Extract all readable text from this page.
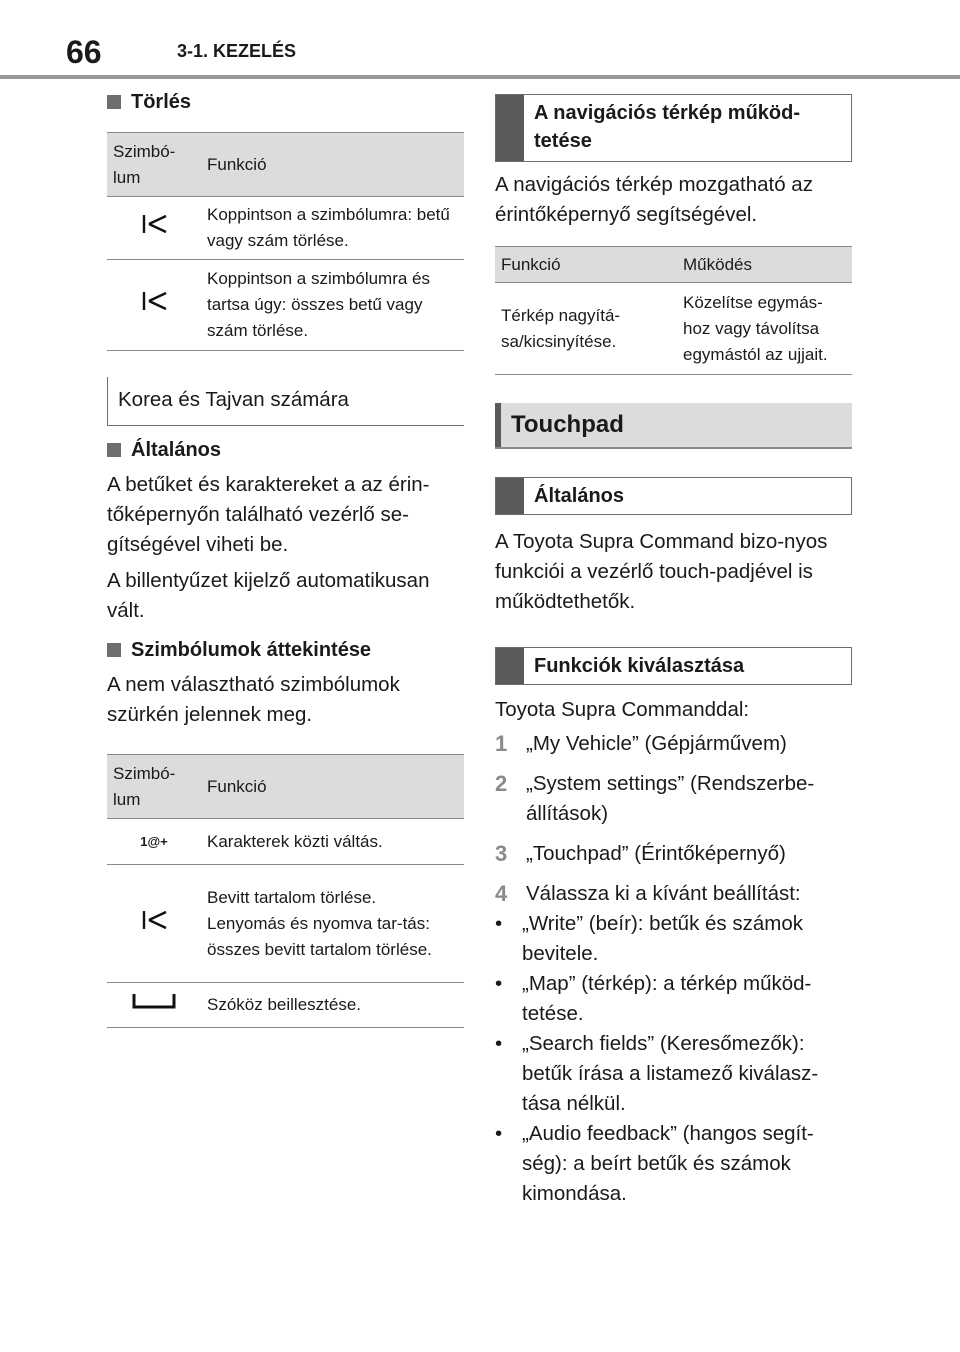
66	3-1. KEZELÉS
Törlés
Szimbó-lum	Funkció
	Koppintson a szimbólumra: betű vagy szám törlése.
	Koppintson a szimbólumra és tartsa úgy: összes betű vagy szám törlése.
Korea és Tajvan számára
Általános

A betűket és karaktereket a az érin-tőképernyőn található vezérlő se-gítségével viheti be.

A billentyűzet kijelző automatikusan vált.

Szimbólumok áttekintése

A nem választható szimbólumok szürkén jelennek meg.

Szimbó-lum	Funkció
1@+	Karakterek közti váltás.
	Bevitt tartalom törlése. Lenyomás és nyomva tar-tás: összes bevitt tartalom törlése.
	Szóköz beillesztése.
A navigációs térkép működ-tetése

A navigációs térkép mozgatható az érintőképernyő segítségével.

Funkció	Működés
Térkép nagyítá-sa/kicsinyítése.	Közelítse egymás-hoz vagy távolítsa egymástól az ujjait.
Touchpad
Általános

A Toyota Supra Command bizo-nyos funkciói a vezérlő touch-padjével is működtethetők.

Funkciók kiválasztása

Toyota Supra Commanddal:

1 „My Vehicle” (Gépjárművem)
2 „System settings” (Rendszerbe-állítások)
3 „Touchpad” (Érintőképernyő)
4 Válassza ki a kívánt beállítást:
• „Write” (beír): betűk és számok bevitele.
• „Map” (térkép): a térkép működ-tetése.
• „Search fields” (Keresőmezők): betűk írása a listamező kiválasz-tása nélkül.
• „Audio feedback” (hangos segít-ség): a beírt betűk és számok kimondása.
